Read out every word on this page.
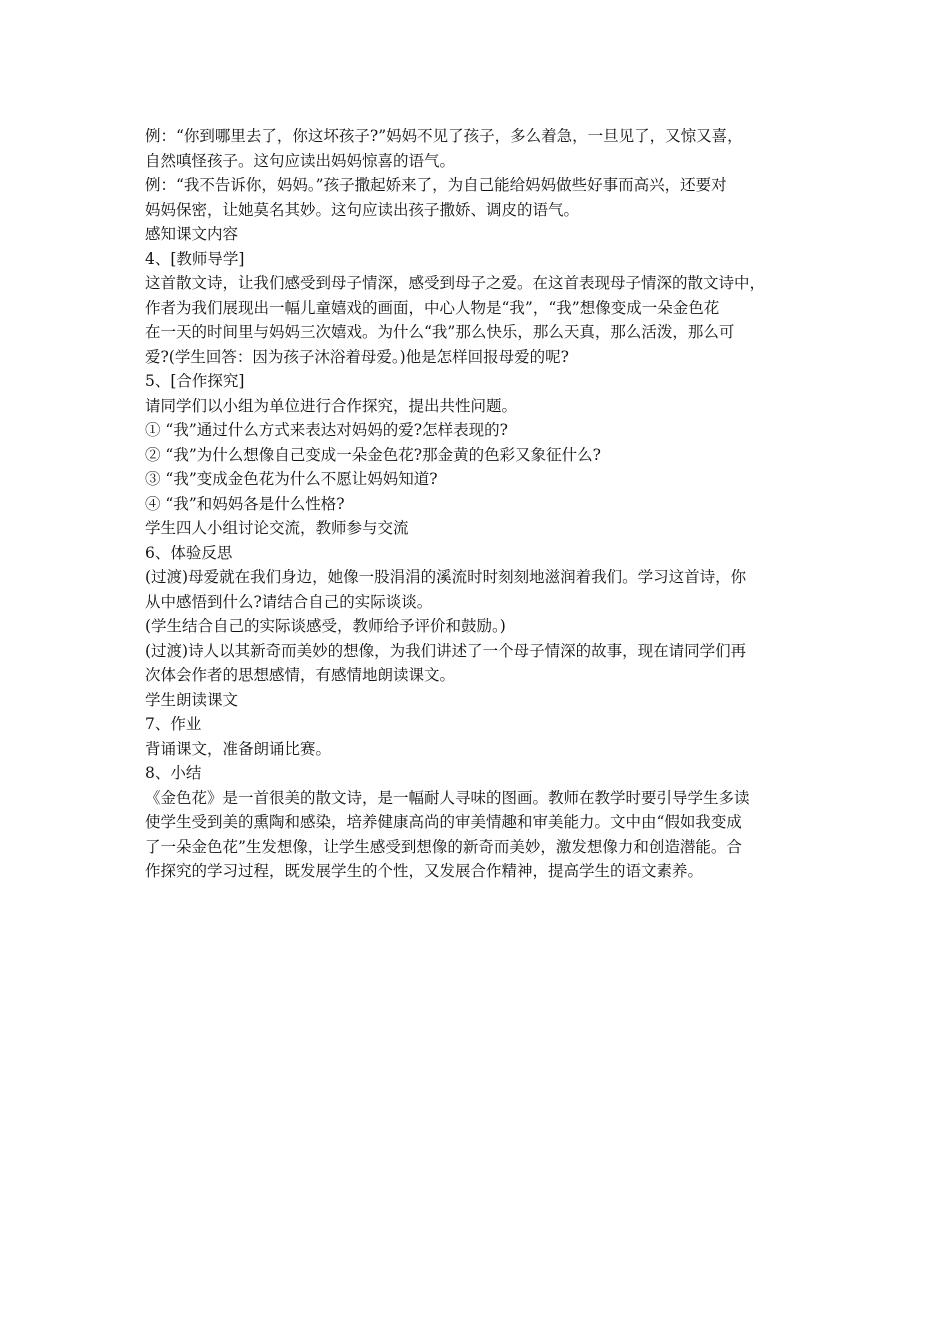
例：“你到哪里去了，你这坏孩子?”妈妈不见了孩子，多么着急，一旦见了，又惊又喜，
自然嗔怪孩子。这句应读出妈妈惊喜的语气。
例：“我不告诉你，妈妈。”孩子撒起娇来了，为自己能给妈妈做些好事而高兴，还要对
妈妈保密，让她莫名其妙。这句应读出孩子撒娇、调皮的语气。
感知课文内容
4、[教师导学]
这首散文诗，让我们感受到母子情深，感受到母子之爱。在这首表现母子情深的散文诗中，
作者为我们展现出一幅儿童嬉戏的画面，中心人物是“我”，“我”想像变成一朵金色花
在一天的时间里与妈妈三次嬉戏。为什么“我”那么快乐，那么天真，那么活泼，那么可
爱?(学生回答：因为孩子沐浴着母爱。)他是怎样回报母爱的呢?
5、[合作探究]
请同学们以小组为单位进行合作探究，提出共性问题。
① “我”通过什么方式来表达对妈妈的爱?怎样表现的?
② “我”为什么想像自己变成一朵金色花?那金黄的色彩又象征什么?
③ “我”变成金色花为什么不愿让妈妈知道?
④ “我”和妈妈各是什么性格?
学生四人小组讨论交流，教师参与交流
6、体验反思
(过渡)母爱就在我们身边，她像一股涓涓的溪流时时刻刻地滋润着我们。学习这首诗，你
从中感悟到什么?请结合自己的实际谈谈。
(学生结合自己的实际谈感受，教师给予评价和鼓励。)
(过渡)诗人以其新奇而美妙的想像，为我们讲述了一个母子情深的故事，现在请同学们再
次体会作者的思想感情，有感情地朗读课文。
学生朗读课文
7、作业
背诵课文，准备朗诵比赛。
8、小结
《金色花》是一首很美的散文诗，是一幅耐人寻味的图画。教师在教学时要引导学生多读
使学生受到美的熏陶和感染，培养健康高尚的审美情趣和审美能力。文中由“假如我变成
了一朵金色花”生发想像，让学生感受到想像的新奇而美妙，激发想像力和创造潜能。合
作探究的学习过程，既发展学生的个性，又发展合作精神，提高学生的语文素养。
